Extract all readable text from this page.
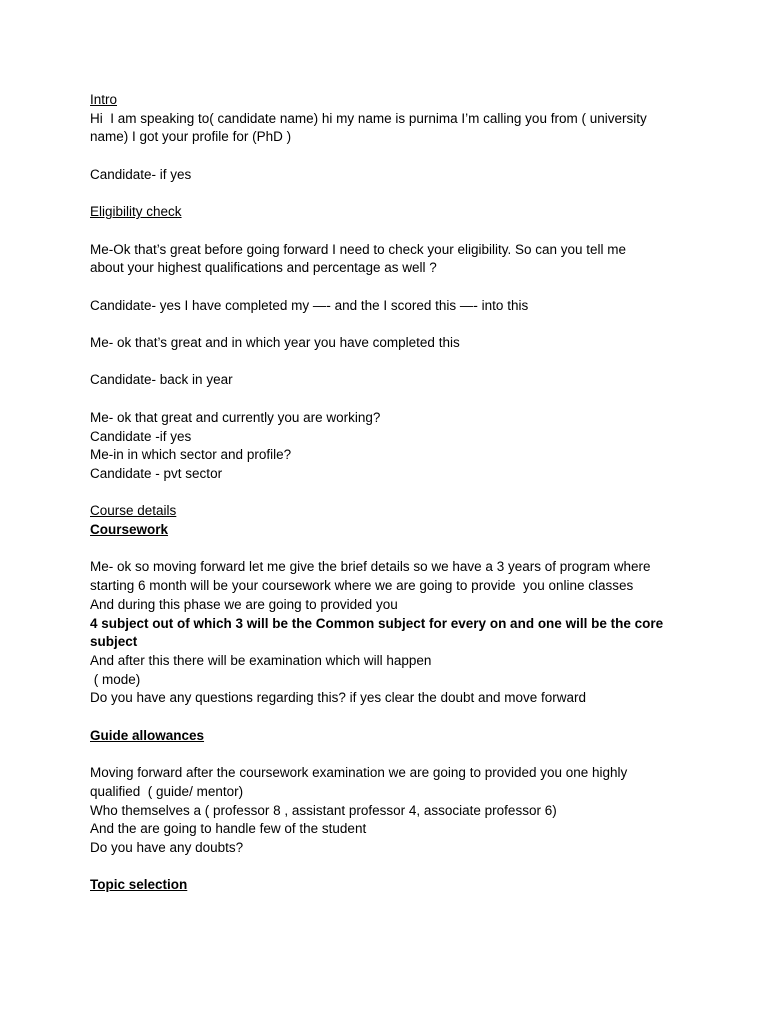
Intro
Hi  I am speaking to( candidate name) hi my name is purnima I’m calling you from ( university
name) I got your profile for (PhD )
Candidate- if yes
Eligibility check
Me-Ok that’s great before going forward I need to check your eligibility. So can you tell me
about your highest qualifications and percentage as well ?
Candidate- yes I have completed my —- and the I scored this —- into this
Me- ok that’s great and in which year you have completed this
Candidate- back in year
Me- ok that great and currently you are working?
Candidate -if yes
Me-in in which sector and profile?
Candidate - pvt sector
Course details
Coursework
Me- ok so moving forward let me give the brief details so we have a 3 years of program where
starting 6 month will be your coursework where we are going to provide  you online classes
And during this phase we are going to provided you
4 subject out of which 3 will be the Common subject for every on and one will be the core
subject
And after this there will be examination which will happen
( mode)
Do you have any questions regarding this? if yes clear the doubt and move forward
Guide allowances
Moving forward after the coursework examination we are going to provided you one highly
qualified  ( guide/ mentor)
Who themselves a ( professor 8 , assistant professor 4, associate professor 6)
And the are going to handle few of the student
Do you have any doubts?
Topic selection
